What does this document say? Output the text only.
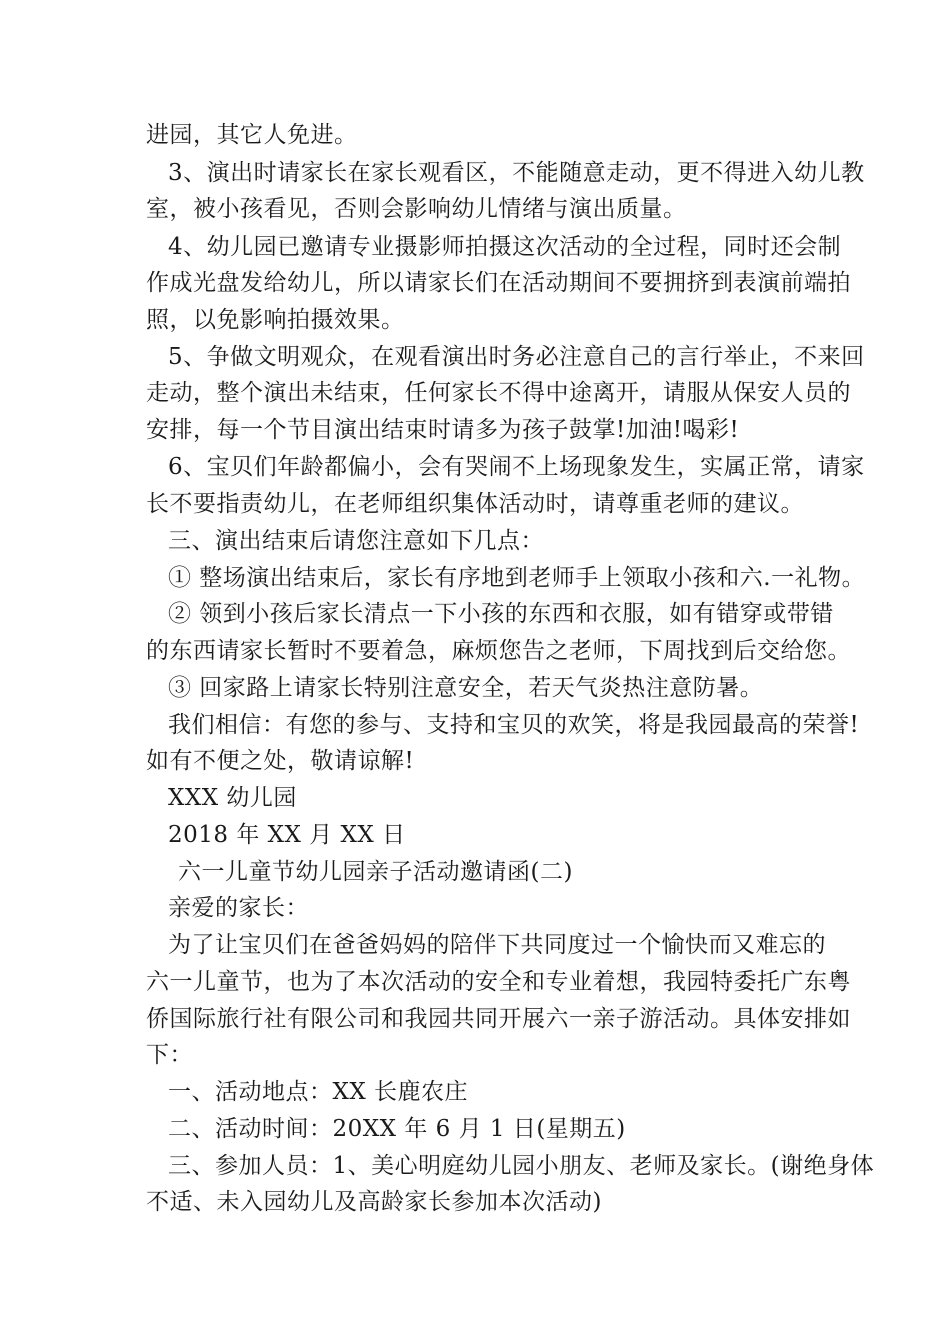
进园，其它人免进。
3、演出时请家长在家长观看区，不能随意走动，更不得进入幼儿教
室，被小孩看见，否则会影响幼儿情绪与演出质量。
4、幼儿园已邀请专业摄影师拍摄这次活动的全过程，同时还会制
作成光盘发给幼儿，所以请家长们在活动期间不要拥挤到表演前端拍
照，以免影响拍摄效果。
5、争做文明观众，在观看演出时务必注意自己的言行举止，不来回
走动，整个演出未结束，任何家长不得中途离开，请服从保安人员的
安排，每一个节目演出结束时请多为孩子鼓掌!加油!喝彩!
6、宝贝们年龄都偏小，会有哭闹不上场现象发生，实属正常，请家
长不要指责幼儿，在老师组织集体活动时，请尊重老师的建议。
三、演出结束后请您注意如下几点：
① 整场演出结束后，家长有序地到老师手上领取小孩和六.一礼物。
② 领到小孩后家长清点一下小孩的东西和衣服，如有错穿或带错
的东西请家长暂时不要着急，麻烦您告之老师，下周找到后交给您。
③ 回家路上请家长特别注意安全，若天气炎热注意防暑。
我们相信：有您的参与、支持和宝贝的欢笑，将是我园最高的荣誉!
如有不便之处，敬请谅解!
XXX 幼儿园
2018 年 XX 月 XX 日
六一儿童节幼儿园亲子活动邀请函(二)
亲爱的家长：
为了让宝贝们在爸爸妈妈的陪伴下共同度过一个愉快而又难忘的
六一儿童节，也为了本次活动的安全和专业着想，我园特委托广东粤
侨国际旅行社有限公司和我园共同开展六一亲子游活动。具体安排如
下：
一、活动地点：XX 长鹿农庄
二、活动时间：20XX 年 6 月 1 日(星期五)
三、参加人员：1、美心明庭幼儿园小朋友、老师及家长。(谢绝身体
不适、未入园幼儿及高龄家长参加本次活动)
